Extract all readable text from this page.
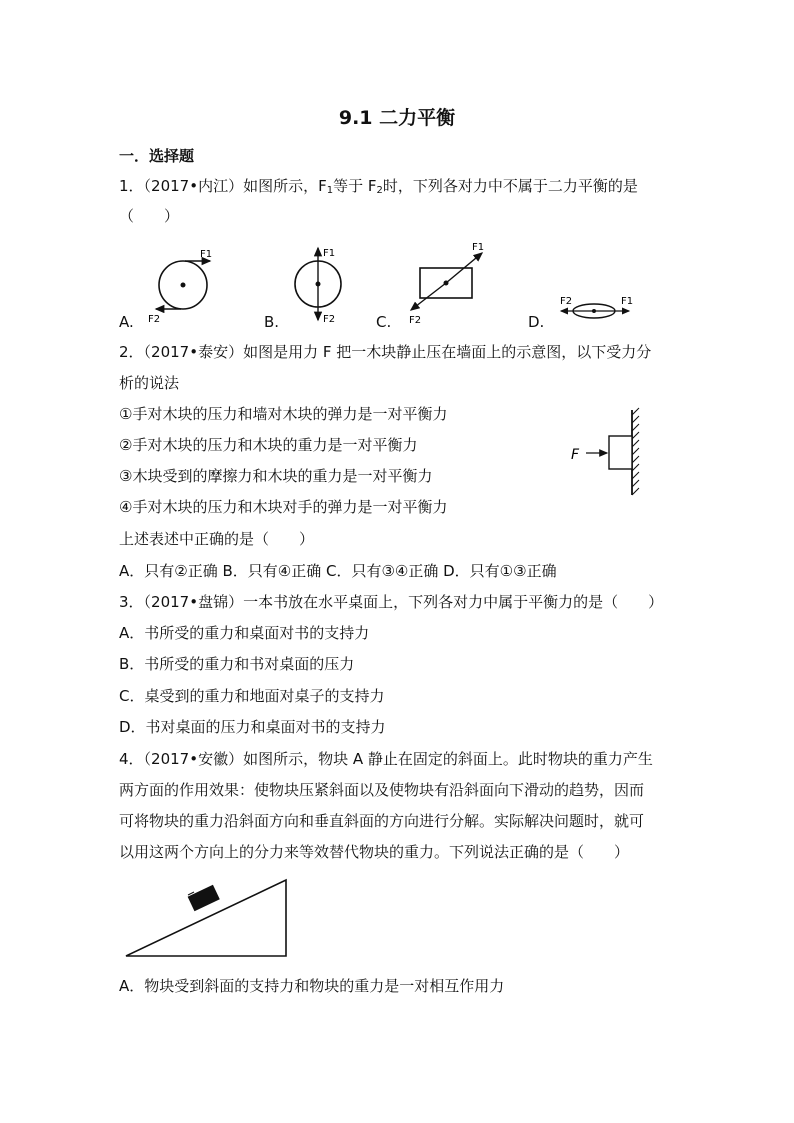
9.1 二力平衡
一．选择题
1．（2017•内江）如图所示，$F_1$等于 $F_2$时，下列各对力中不属于二力平衡的是
（　　）
F1
F2
F1
F2
F1
F2
F1
F2
A.	B.	C.	D.
2．（2017•泰安）如图是用力 F 把一木块静止压在墙面上的示意图，以下受力分
析的说法
①手对木块的压力和墙对木块的弹力是一对平衡力
②手对木块的压力和木块的重力是一对平衡力
③木块受到的摩擦力和木块的重力是一对平衡力
④手对木块的压力和木块对手的弹力是一对平衡力
F
上述表述中正确的是（　　）
A．只有②正确 B．只有④正确 C．只有③④正确 D．只有①③正确
3．（2017•盘锦）一本书放在水平桌面上，下列各对力中属于平衡力的是（　　）
A．书所受的重力和桌面对书的支持力
B．书所受的重力和书对桌面的压力
C．桌受到的重力和地面对桌子的支持力
D．书对桌面的压力和桌面对书的支持力
4．（2017•安徽）如图所示，物块 A 静止在固定的斜面上。此时物块的重力产生
两方面的作用效果：使物块压紧斜面以及使物块有沿斜面向下滑动的趋势，因而
可将物块的重力沿斜面方向和垂直斜面的方向进行分解。实际解决问题时，就可
以用这两个方向上的分力来等效替代物块的重力。下列说法正确的是（　　）
A．物块受到斜面的支持力和物块的重力是一对相互作用力
